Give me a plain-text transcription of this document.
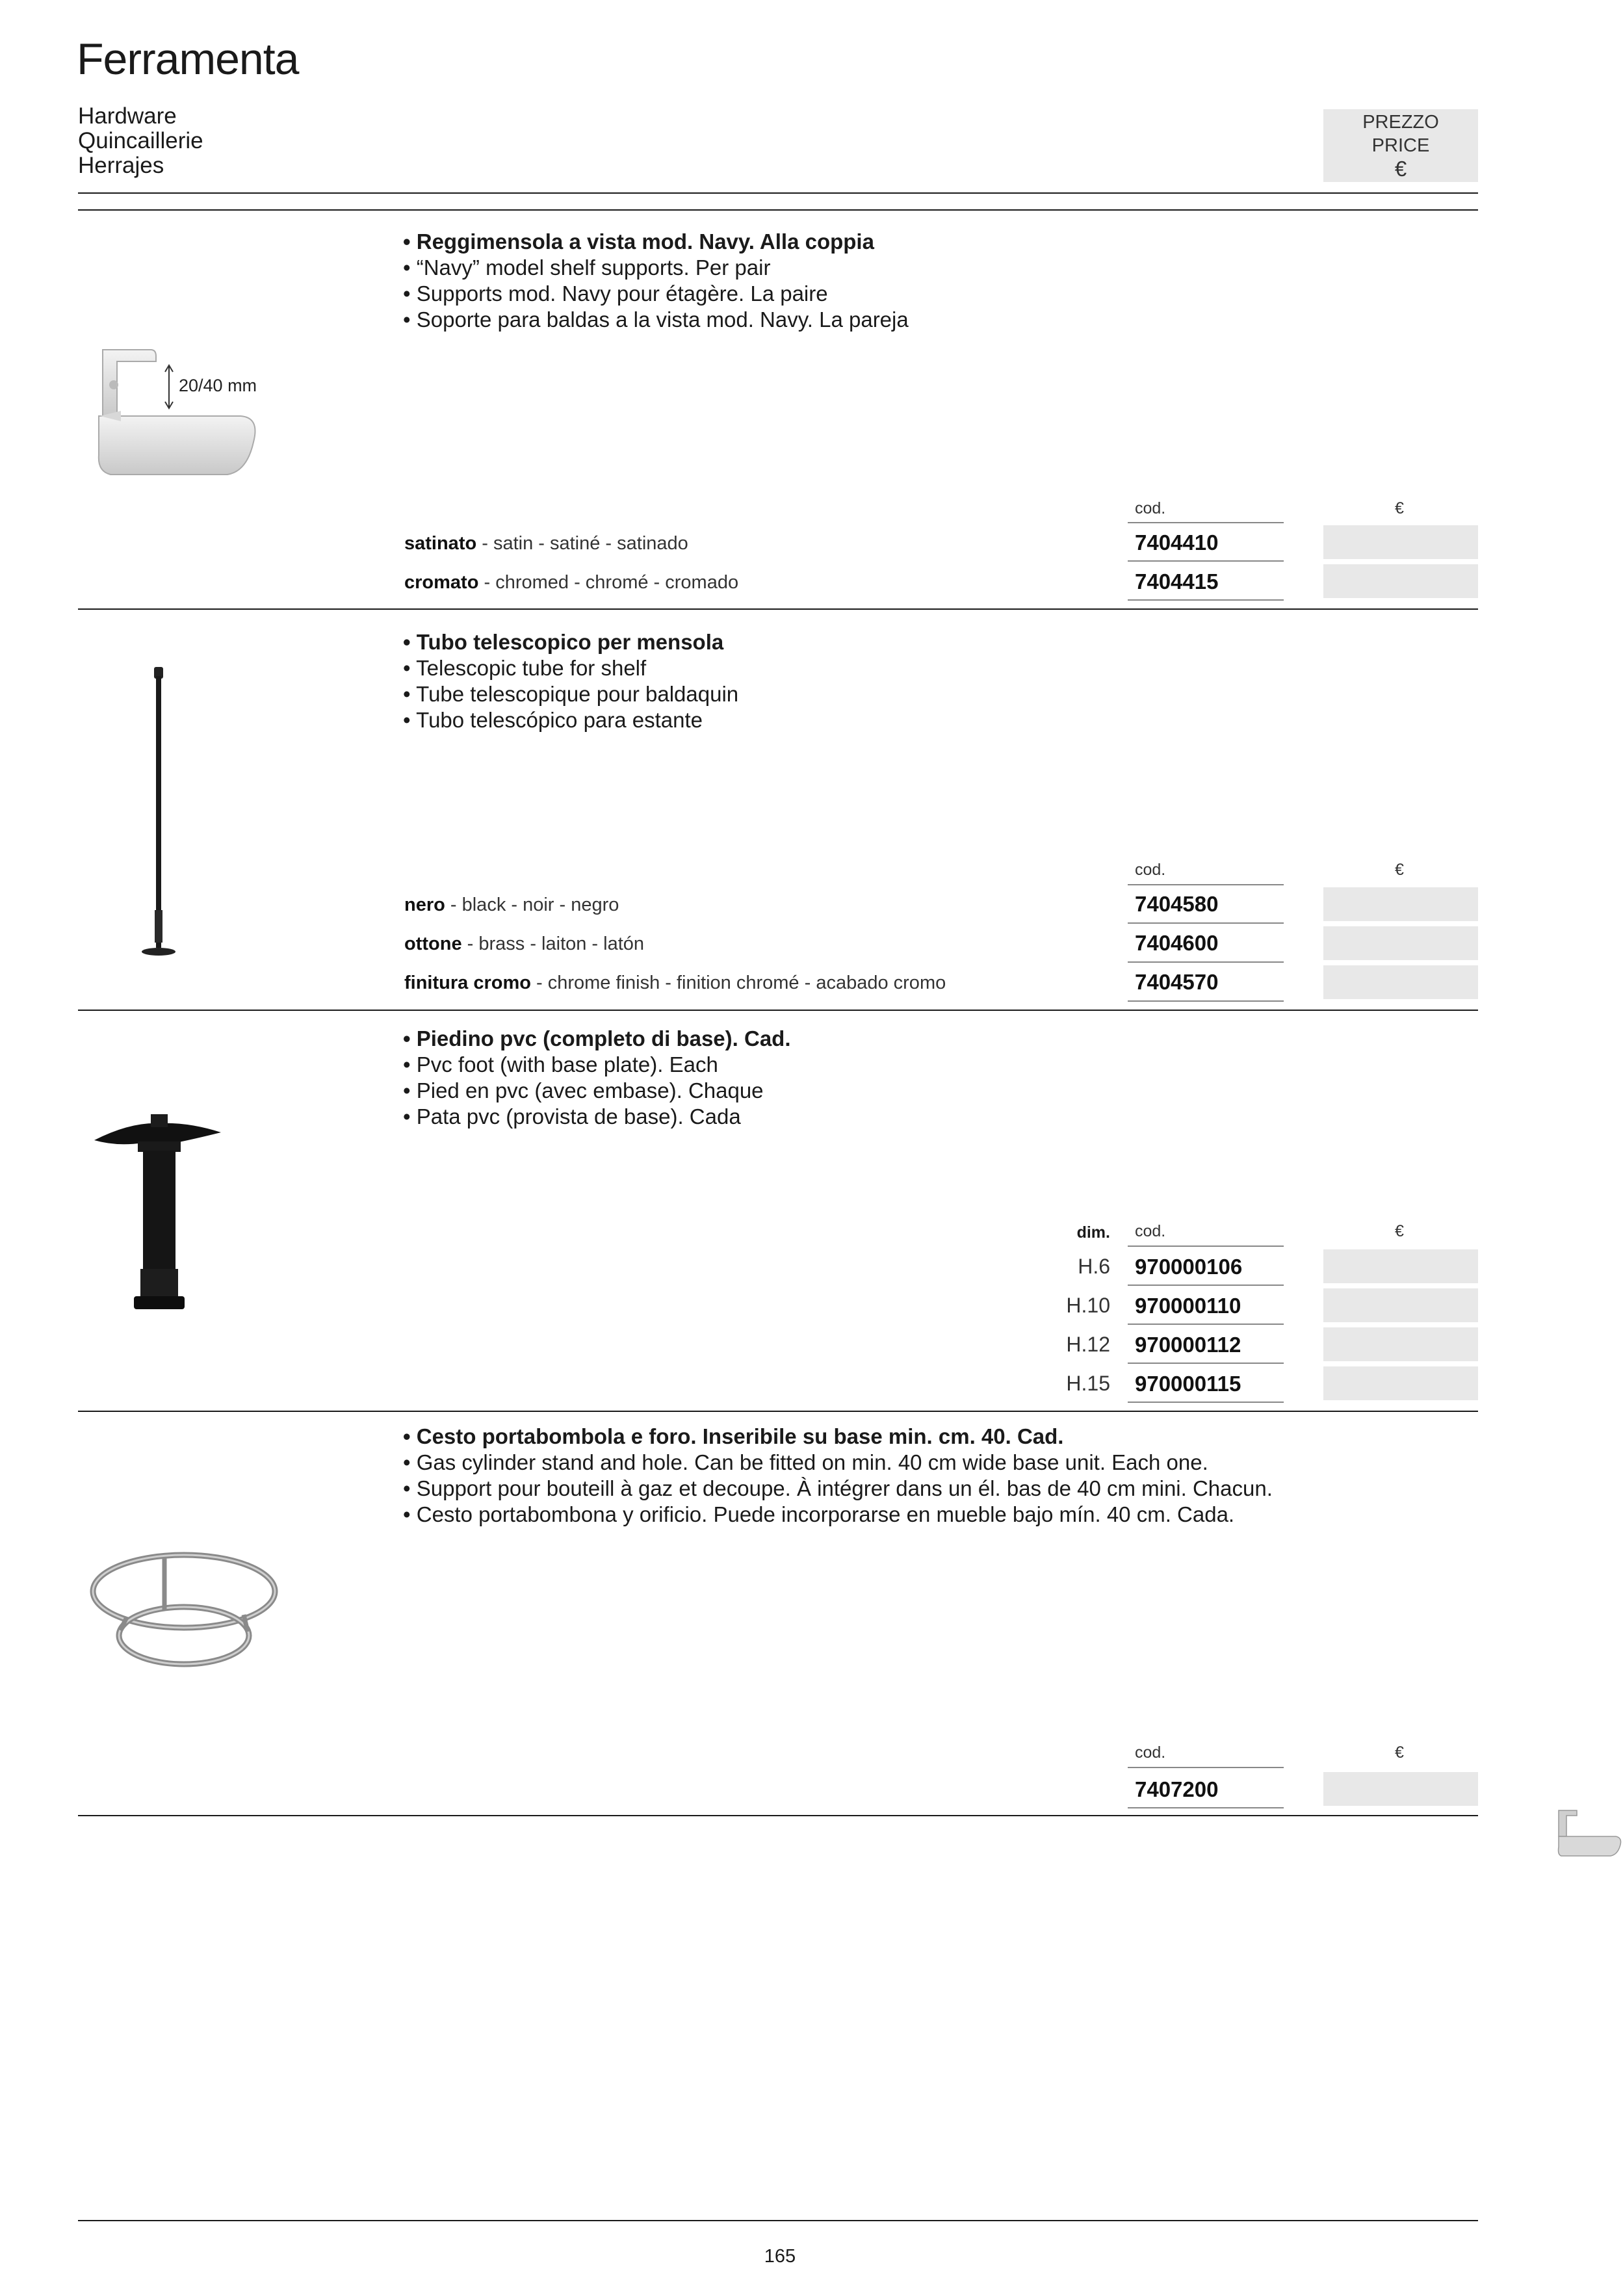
Ferramenta
Hardware
Quincaillerie
Herrajes
PREZZO
PRICE
€
20/40 mm
• Reggimensola a vista mod. Navy. Alla coppia
• “Navy” model shelf supports. Per pair
• Supports mod. Navy pour étagère. La paire
• Soporte para baldas a la vista mod. Navy. La pareja
cod.	€
satinato - satin - satiné - satinado	7404410
cromato - chromed - chromé - cromado	7404415
• Tubo telescopico per mensola
• Telescopic tube for shelf
• Tube telescopique pour baldaquin
• Tubo telescópico para estante
cod.	€
nero - black - noir - negro	7404580
ottone - brass - laiton - latón	7404600
finitura cromo - chrome finish - finition chromé - acabado cromo	7404570
• Piedino pvc (completo di base). Cad.
• Pvc foot (with base plate). Each
• Pied en pvc (avec embase). Chaque
• Pata pvc (provista de base). Cada
dim. cod.	€
H.6 970000106
H.10 970000110
H.12 970000112
H.15 970000115
• Cesto portabombola e foro. Inseribile su base min. cm. 40. Cad.
• Gas cylinder stand and hole. Can be fitted on min. 40 cm wide base unit. Each one.
• Support pour bouteill à gaz et decoupe. À intégrer dans un él. bas de 40 cm mini. Chacun.
• Cesto portabombona y orificio. Puede incorporarse en mueble bajo mín. 40 cm. Cada.
cod.	€
7407200
165
